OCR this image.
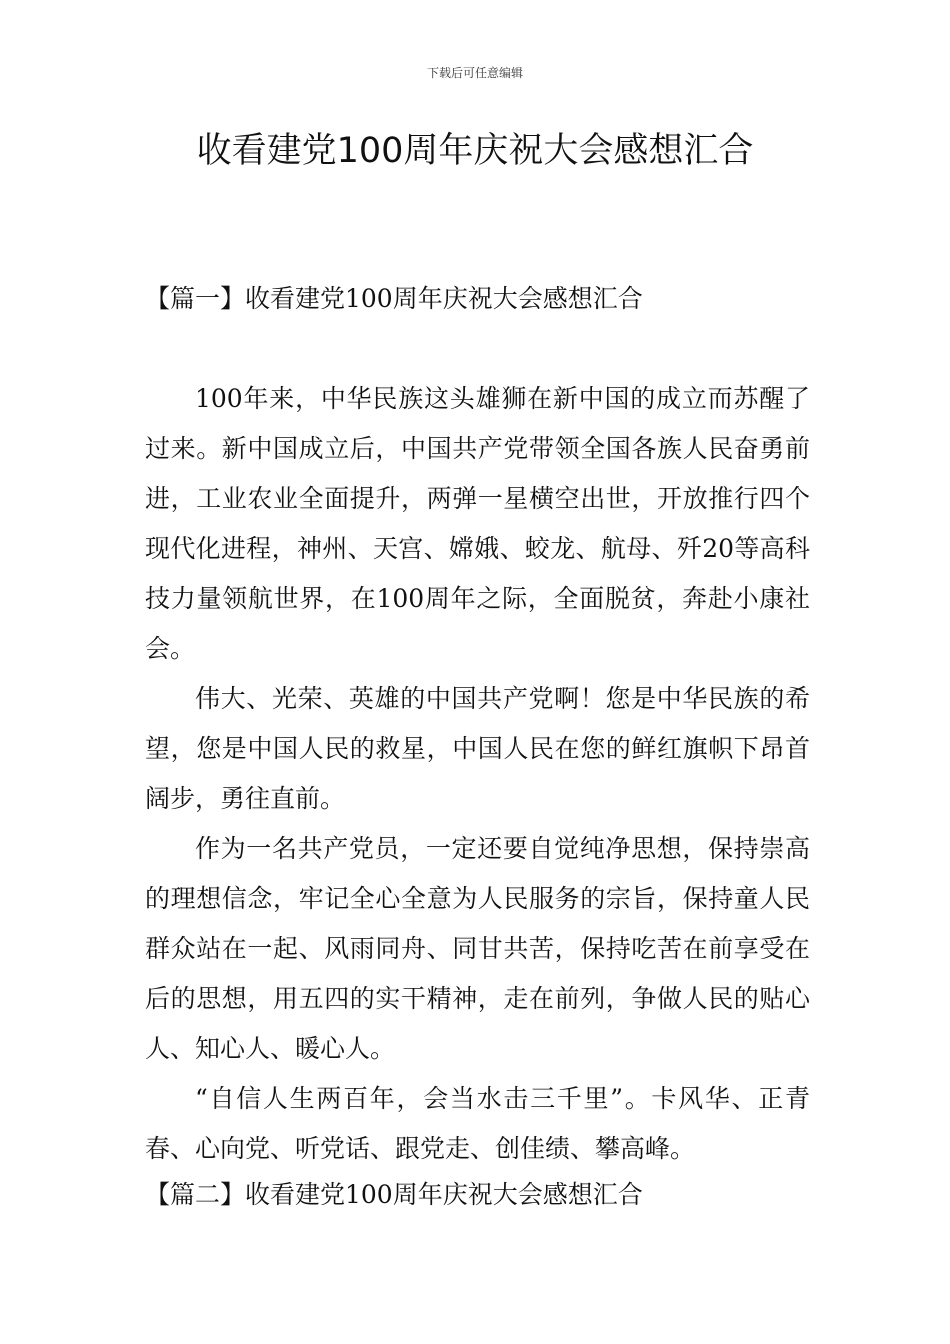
下载后可任意编辑
收看建党100周年庆祝大会感想汇合
【篇一】收看建党100周年庆祝大会感想汇合

100年来，中华民族这头雄狮在新中国的成立而苏醒了过来。新中国成立后，中国共产党带领全国各族人民奋勇前进，工业农业全面提升，两弹一星横空出世，开放推行四个现代化进程，神州、天宫、嫦娥、蛟龙、航母、歼20等高科技力量领航世界，在100周年之际，全面脱贫，奔赴小康社会。

伟大、光荣、英雄的中国共产党啊！您是中华民族的希望，您是中国人民的救星，中国人民在您的鲜红旗帜下昂首阔步，勇往直前。

作为一名共产党员，一定还要自觉纯净思想，保持崇高的理想信念，牢记全心全意为人民服务的宗旨，保持童人民群众站在一起、风雨同舟、同甘共苦，保持吃苦在前享受在后的思想，用五四的实干精神，走在前列，争做人民的贴心人、知心人、暖心人。

“自信人生两百年，会当水击三千里”。卡风华、正青春、心向党、听党话、跟党走、创佳绩、攀高峰。

【篇二】收看建党100周年庆祝大会感想汇合
